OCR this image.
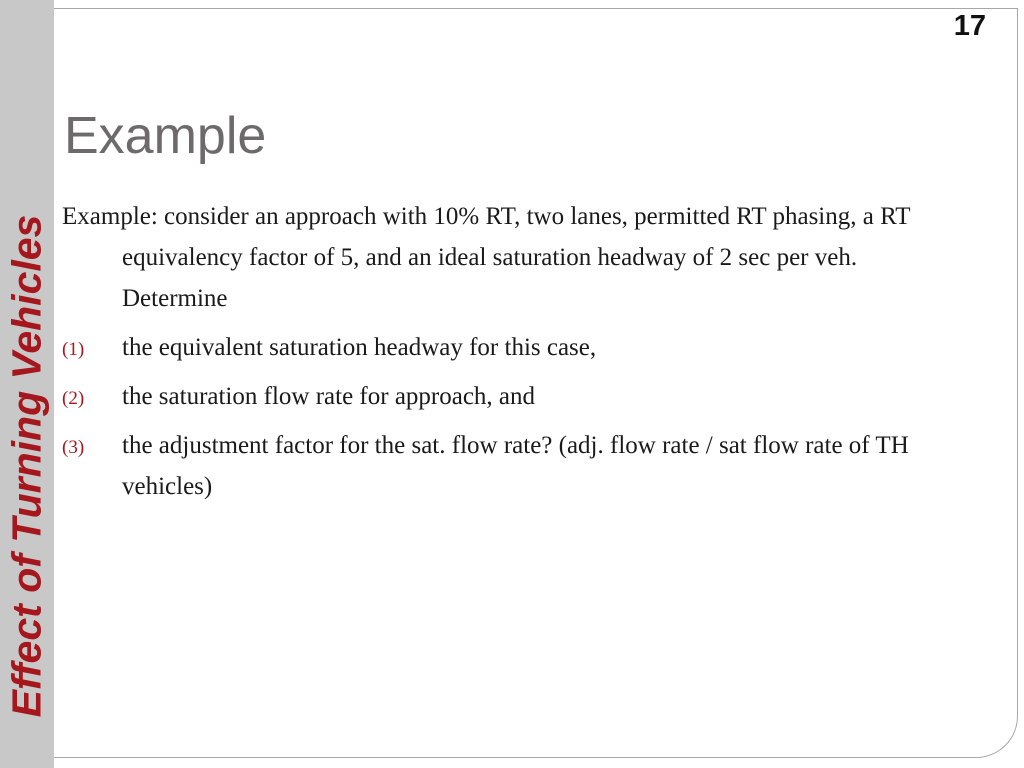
Effect of Turning Vehicles
17
Example

Example: consider an approach with 10% RT, two lanes, permitted RT phasing, a RT equivalency factor of 5, and an ideal saturation headway of 2 sec per veh. Determine

(1) the equivalent saturation headway for this case,
(2) the saturation flow rate for approach, and
(3) the adjustment factor for the sat. flow rate? (adj. flow rate / sat flow rate of TH vehicles)
